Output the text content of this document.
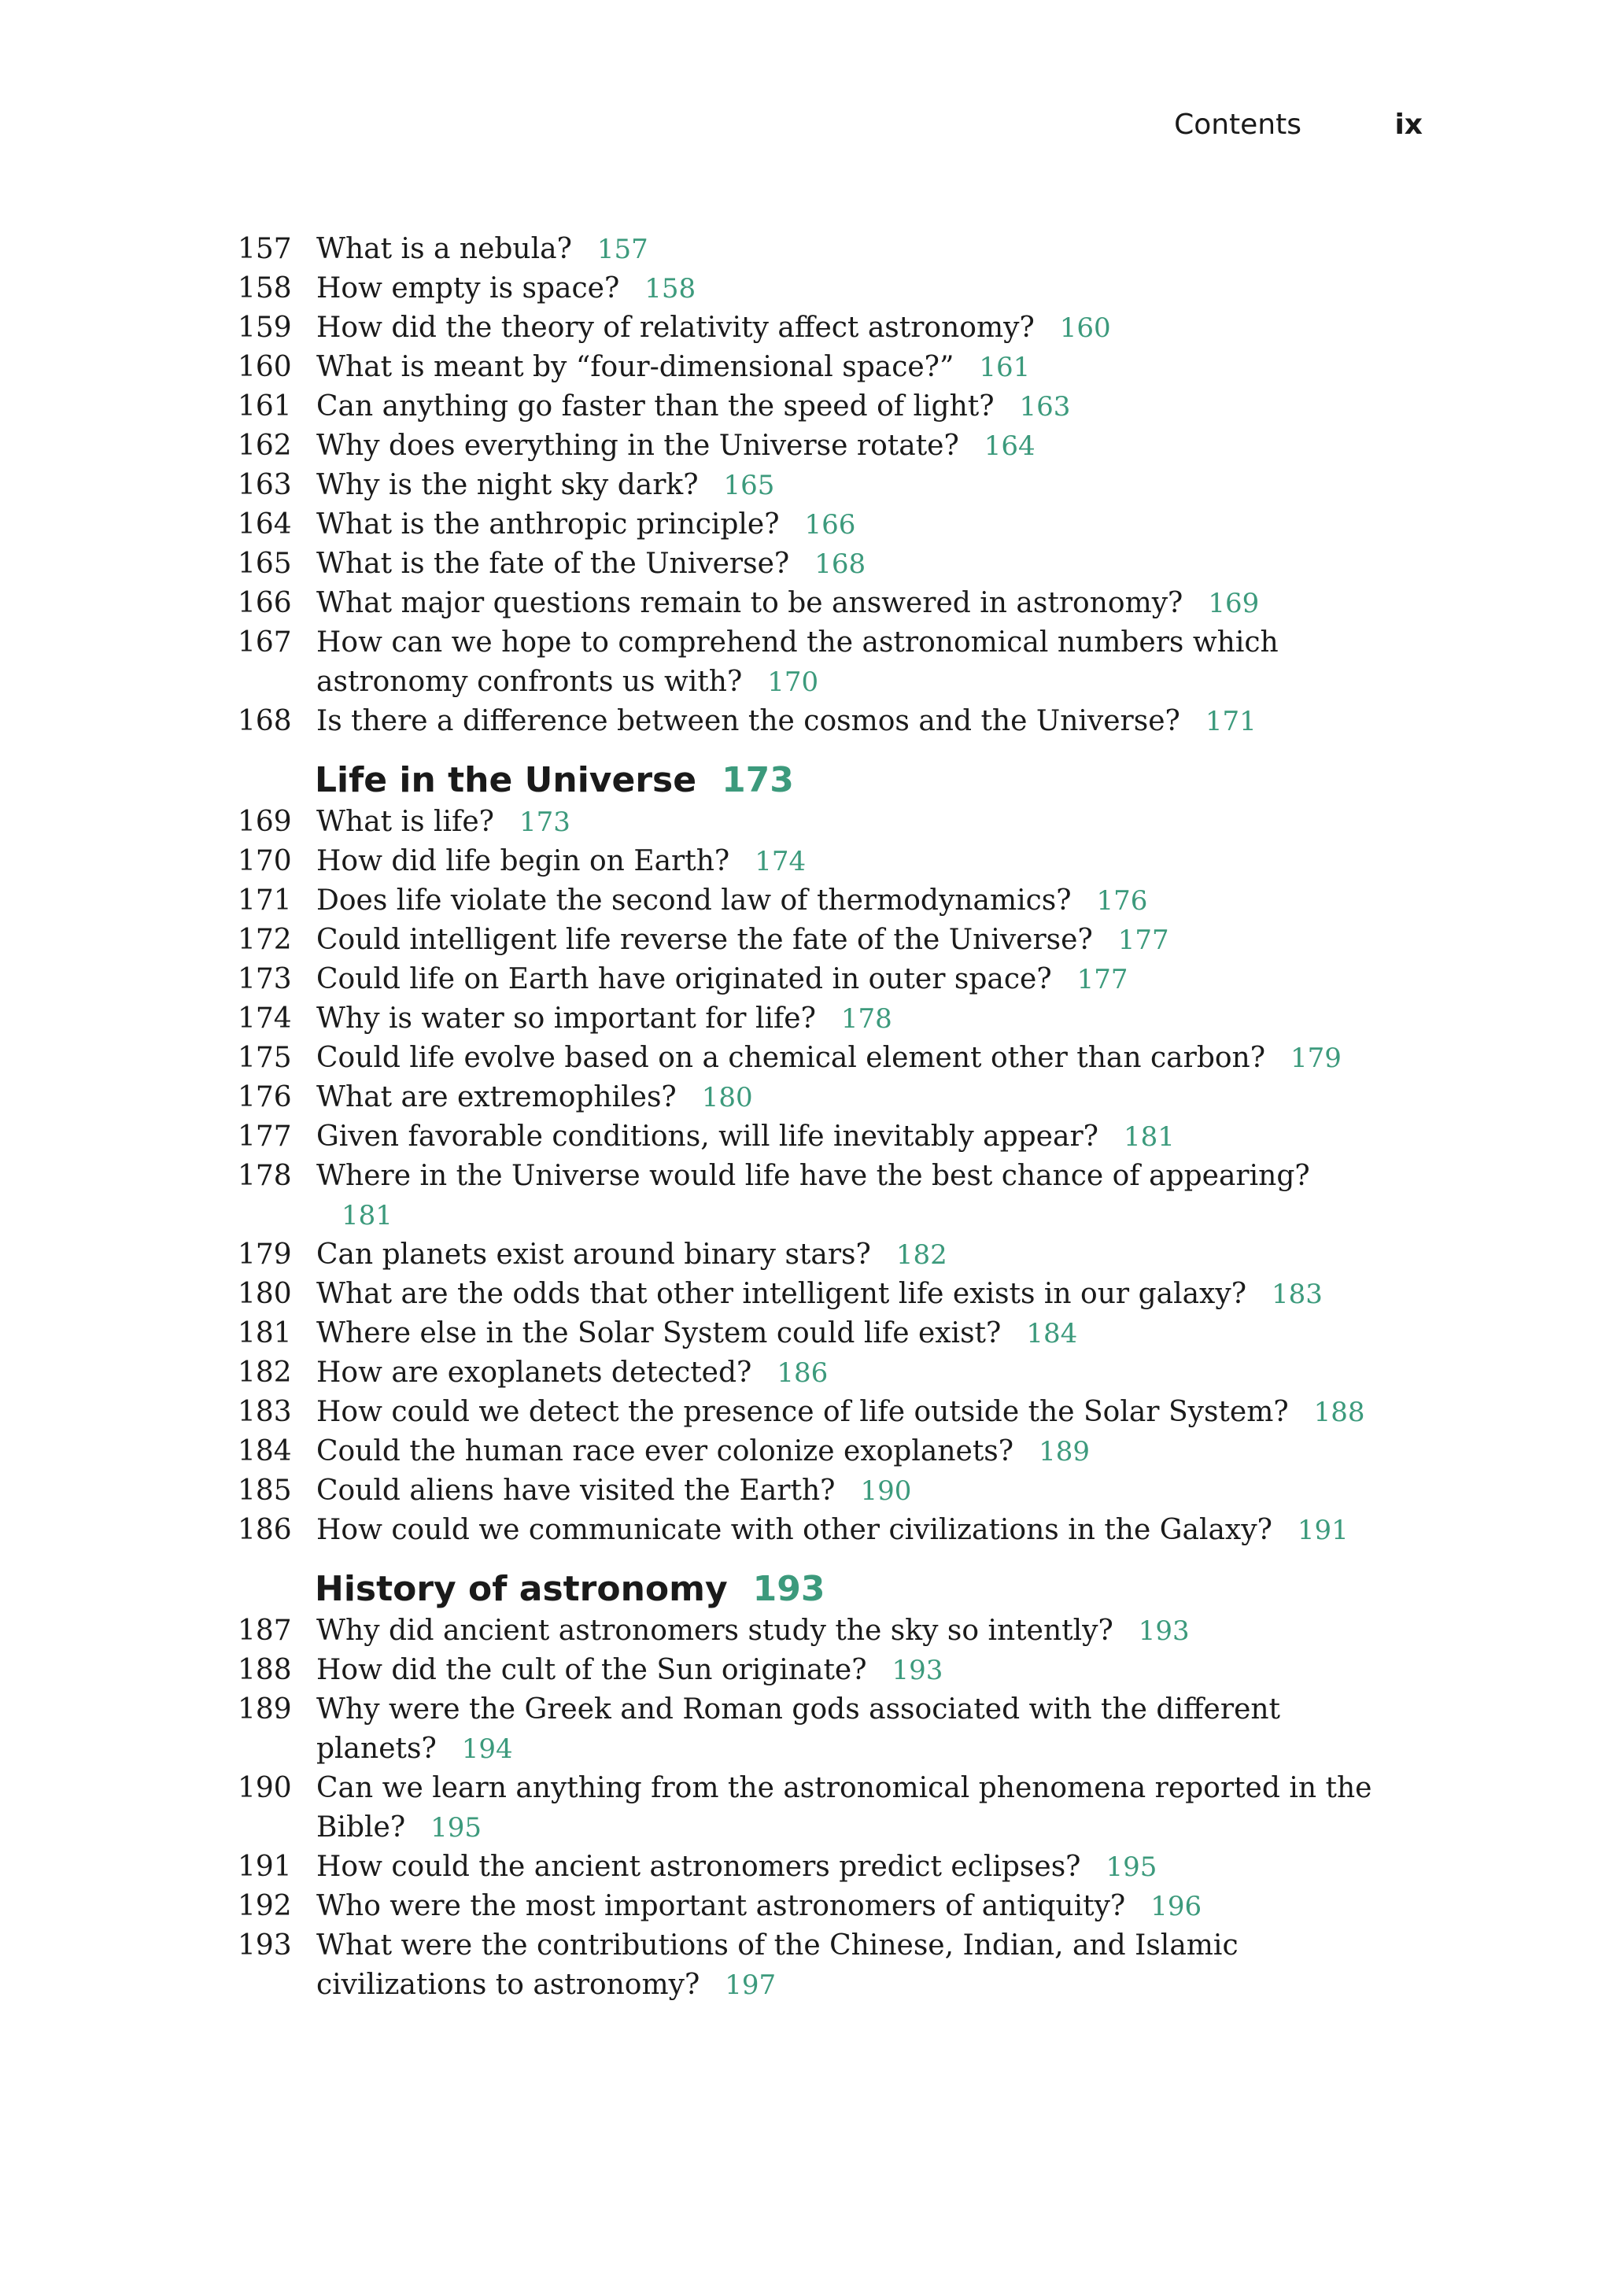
Contents	ix
157 What is a nebula? 157
158 How empty is space? 158
159 How did the theory of relativity affect astronomy? 160
160 What is meant by “four-dimensional space?” 161
161 Can anything go faster than the speed of light? 163
162 Why does everything in the Universe rotate? 164
163 Why is the night sky dark? 165
164 What is the anthropic principle? 166
165 What is the fate of the Universe? 168
166 What major questions remain to be answered in astronomy? 169
167 How can we hope to comprehend the astronomical numbers which astronomy confronts us with? 170
168 Is there a difference between the cosmos and the Universe? 171
Life in the Universe 173
169 What is life? 173
170 How did life begin on Earth? 174
171 Does life violate the second law of thermodynamics? 176
172 Could intelligent life reverse the fate of the Universe? 177
173 Could life on Earth have originated in outer space? 177
174 Why is water so important for life? 178
175 Could life evolve based on a chemical element other than carbon? 179
176 What are extremophiles? 180
177 Given favorable conditions, will life inevitably appear? 181
178 Where in the Universe would life have the best chance of appearing?181
179 Can planets exist around binary stars? 182
180 What are the odds that other intelligent life exists in our galaxy? 183
181 Where else in the Solar System could life exist? 184
182 How are exoplanets detected? 186
183 How could we detect the presence of life outside the Solar System? 188
184 Could the human race ever colonize exoplanets? 189
185 Could aliens have visited the Earth? 190
186 How could we communicate with other civilizations in the Galaxy? 191
History of astronomy 193
187 Why did ancient astronomers study the sky so intently? 193
188 How did the cult of the Sun originate? 193
189 Why were the Greek and Roman gods associated with the different planets? 194
190 Can we learn anything from the astronomical phenomena reported in the Bible? 195
191 How could the ancient astronomers predict eclipses? 195
192 Who were the most important astronomers of antiquity? 196
193 What were the contributions of the Chinese, Indian, and Islamic civilizations to astronomy? 197
